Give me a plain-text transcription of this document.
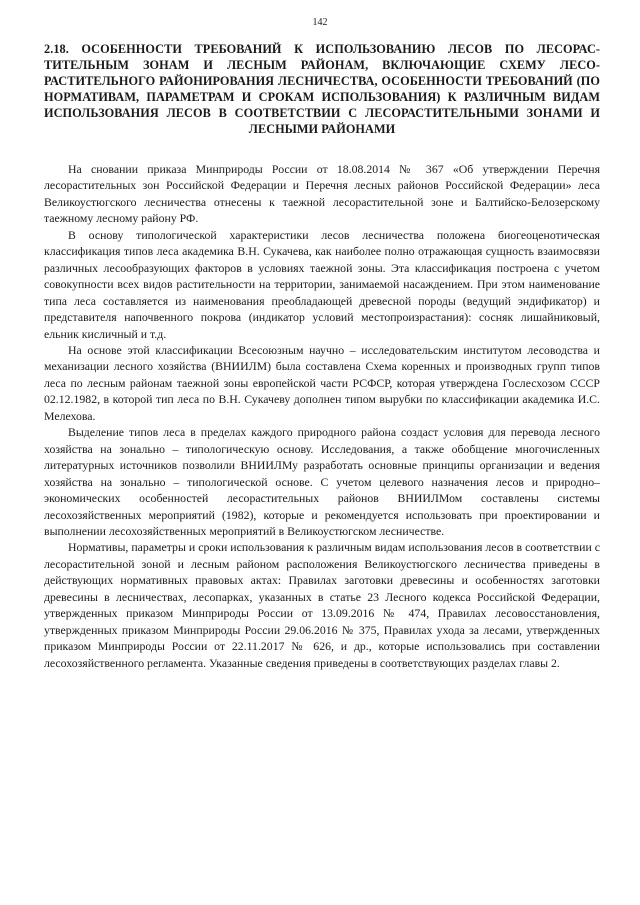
142
2.18. ОСОБЕННОСТИ ТРЕБОВАНИЙ К ИСПОЛЬЗОВАНИЮ ЛЕСОВ ПО ЛЕСОРАСТИТЕЛЬНЫМ ЗОНАМ И ЛЕСНЫМ РАЙОНАМ, ВКЛЮЧАЮЩИЕ СХЕМУ ЛЕСОРАСТИТЕЛЬНОГО РАЙОНИРОВАНИЯ ЛЕСНИЧЕСТВА, ОСОБЕННОСТИ ТРЕБОВАНИЙ (ПО НОРМАТИВАМ, ПАРАМЕТРАМ И СРОКАМ ИСПОЛЬЗОВАНИЯ) К РАЗЛИЧНЫМ ВИДАМ ИСПОЛЬЗОВАНИЯ ЛЕСОВ В СООТВЕТСТВИИ С ЛЕСОРАСТИТЕЛЬНЫМИ ЗОНАМИ И ЛЕСНЫМИ РАЙОНАМИ

На сновании приказа Минприроды России от 18.08.2014 № 367 «Об утверждении Перечня лесорастительных зон Российской Федерации и Перечня лесных районов Российской Федерации» леса Великоустюгского лесничества отнесены к таежной лесорастительной зоне и Балтийско-Белозерскому таежному лесному району РФ.

В основу типологической характеристики лесов лесничества положена биогеоценотическая классификация типов леса академика В.Н. Сукачева, как наиболее полно отражающая сущность взаимосвязи различных лесообразующих факторов в условиях таежной зоны. Эта классификация построена с учетом совокупности всех видов растительности на территории, занимаемой насаждением. При этом наименование типа леса составляется из наименования преобладающей древесной породы (ведущий эндификатор) и представителя напочвенного покрова (индикатор условий местопроизрастания): сосняк лишайниковый, ельник кисличный и т.д.

На основе этой классификации Всесоюзным научно – исследовательским институтом лесоводства и механизации лесного хозяйства (ВНИИЛМ) была составлена Схема коренных и производных групп типов леса по лесным районам таежной зоны европейской части РСФСР, которая утверждена Гослесхозом СССР 02.12.1982, в которой тип леса по В.Н. Сукачеву дополнен типом вырубки по классификации академика И.С. Мелехова.

Выделение типов леса в пределах каждого природного района создаст условия для перевода лесного хозяйства на зонально – типологическую основу. Исследования, а также обобщение многочисленных литературных источников позволили ВНИИЛМу разработать основные принципы организации и ведения хозяйства на зонально – типологической основе. С учетом целевого назначения лесов и природно–экономических особенностей лесорастительных районов ВНИИЛМом составлены системы лесохозяйственных мероприятий (1982), которые и рекомендуется использовать при проектировании и выполнении лесохозяйственных мероприятий в Великоустюгском лесничестве.

Нормативы, параметры и сроки использования к различным видам использования лесов в соответствии с лесорастительной зоной и лесным районом расположения Великоустюгского лесничества приведены в действующих нормативных правовых актах: Правилах заготовки древесины и особенностях заготовки древесины в лесничествах, лесопарках, указанных в статье 23 Лесного кодекса Российской Федерации, утвержденных приказом Минприроды России от 13.09.2016 № 474, Правилах лесовосстановления, утвержденных приказом Минприроды России 29.06.2016 № 375, Правилах ухода за лесами, утвержденных приказом Минприроды России от 22.11.2017 № 626, и др., которые использовались при составлении лесохозяйственного регламента. Указанные сведения приведены в соответствующих разделах главы 2.
